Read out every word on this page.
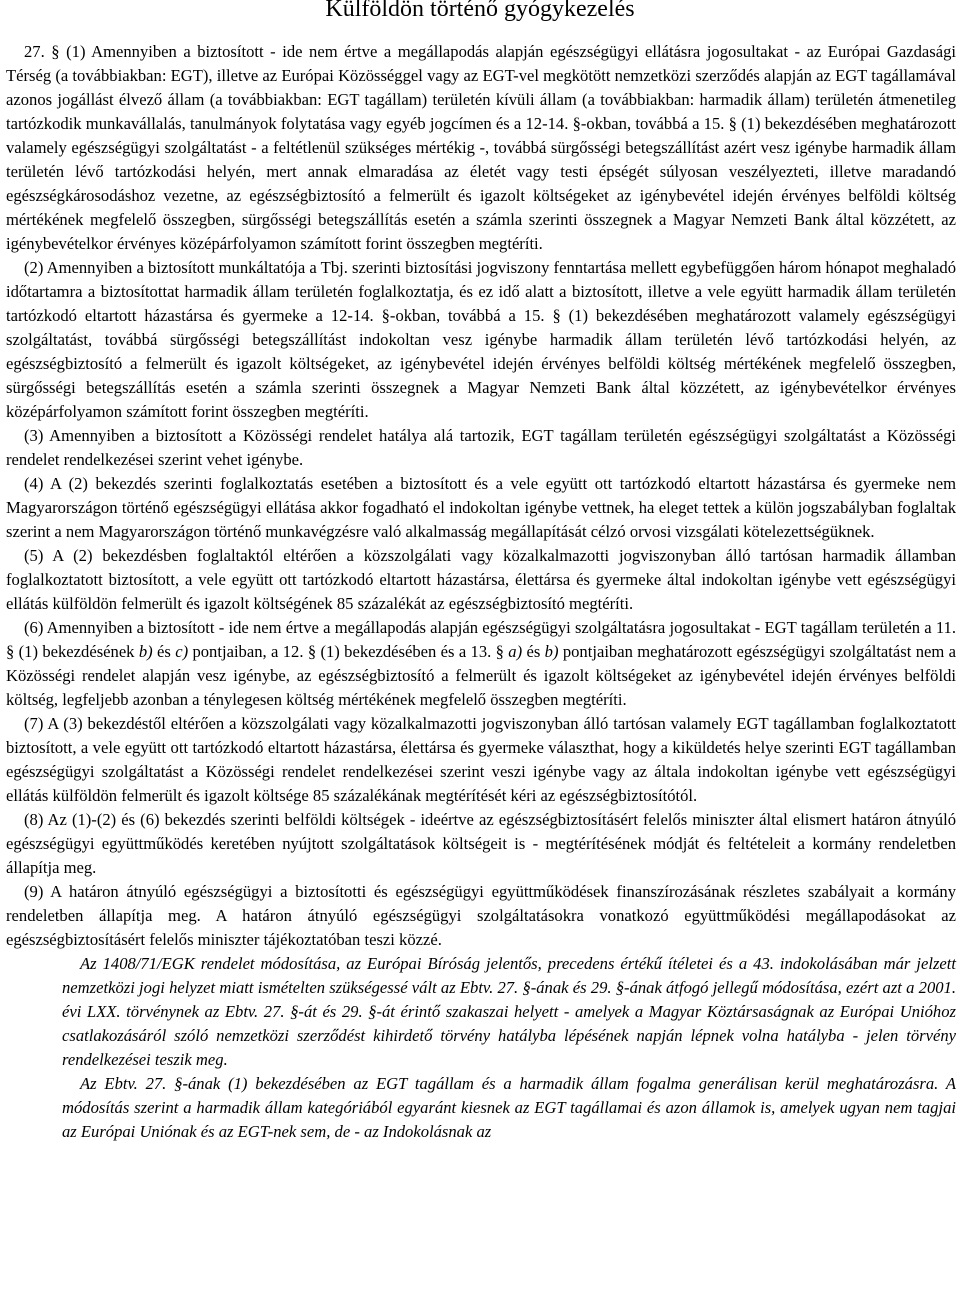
Külföldön történő gyógykezelés

27. § (1) Amennyiben a biztosított - ide nem értve a megállapodás alapján egészségügyi ellátásra jogosultakat - az Európai Gazdasági Térség (a továbbiakban: EGT), illetve az Európai Közösséggel vagy az EGT-vel megkötött nemzetközi szerződés alapján az EGT tagállamával azonos jogállást élvező állam (a továbbiakban: EGT tagállam) területén kívüli állam (a továbbiakban: harmadik állam) területén átmenetileg tartózkodik munkavállalás, tanulmányok folytatása vagy egyéb jogcímen és a 12-14. §-okban, továbbá a 15. § (1) bekezdésében meghatározott valamely egészségügyi szolgáltatást - a feltétlenül szükséges mértékig -, továbbá sürgősségi betegszállítást azért vesz igénybe harmadik állam területén lévő tartózkodási helyén, mert annak elmaradása az életét vagy testi épségét súlyosan veszélyezteti, illetve maradandó egészségkárosodáshoz vezetne, az egészségbiztosító a felmerült és igazolt költségeket az igénybevétel idején érvényes belföldi költség mértékének megfelelő összegben, sürgősségi betegszállítás esetén a számla szerinti összegnek a Magyar Nemzeti Bank által közzétett, az igénybevételkor érvényes középárfolyamon számított forint összegben megtéríti.

(2) Amennyiben a biztosított munkáltatója a Tbj. szerinti biztosítási jogviszony fenntartása mellett egybefüggően három hónapot meghaladó időtartamra a biztosítottat harmadik állam területén foglalkoztatja, és ez idő alatt a biztosított, illetve a vele együtt harmadik állam területén tartózkodó eltartott házastársa és gyermeke a 12-14. §-okban, továbbá a 15. § (1) bekezdésében meghatározott valamely egészségügyi szolgáltatást, továbbá sürgősségi betegszállítást indokoltan vesz igénybe harmadik állam területén lévő tartózkodási helyén, az egészségbiztosító a felmerült és igazolt költségeket, az igénybevétel idején érvényes belföldi költség mértékének megfelelő összegben, sürgősségi betegszállítás esetén a számla szerinti összegnek a Magyar Nemzeti Bank által közzétett, az igénybevételkor érvényes középárfolyamon számított forint összegben megtéríti.

(3) Amennyiben a biztosított a Közösségi rendelet hatálya alá tartozik, EGT tagállam területén egészségügyi szolgáltatást a Közösségi rendelet rendelkezései szerint vehet igénybe.

(4) A (2) bekezdés szerinti foglalkoztatás esetében a biztosított és a vele együtt ott tartózkodó eltartott házastársa és gyermeke nem Magyarországon történő egészségügyi ellátása akkor fogadható el indokoltan igénybe vettnek, ha eleget tettek a külön jogszabályban foglaltak szerint a nem Magyarországon történő munkavégzésre való alkalmasság megállapítását célzó orvosi vizsgálati kötelezettségüknek.

(5) A (2) bekezdésben foglaltaktól eltérően a közszolgálati vagy közalkalmazotti jogviszonyban álló tartósan harmadik államban foglalkoztatott biztosított, a vele együtt ott tartózkodó eltartott házastársa, élettársa és gyermeke által indokoltan igénybe vett egészségügyi ellátás külföldön felmerült és igazolt költségének 85 százalékát az egészségbiztosító megtéríti.

(6) Amennyiben a biztosított - ide nem értve a megállapodás alapján egészségügyi szolgáltatásra jogosultakat - EGT tagállam területén a 11. § (1) bekezdésének b) és c) pontjaiban, a 12. § (1) bekezdésében és a 13. § a) és b) pontjaiban meghatározott egészségügyi szolgáltatást nem a Közösségi rendelet alapján vesz igénybe, az egészségbiztosító a felmerült és igazolt költségeket az igénybevétel idején érvényes belföldi költség, legfeljebb azonban a ténylegesen költség mértékének megfelelő összegben megtéríti.

(7) A (3) bekezdéstől eltérően a közszolgálati vagy közalkalmazotti jogviszonyban álló tartósan valamely EGT tagállamban foglalkoztatott biztosított, a vele együtt ott tartózkodó eltartott házastársa, élettársa és gyermeke választhat, hogy a kiküldetés helye szerinti EGT tagállamban egészségügyi szolgáltatást a Közösségi rendelet rendelkezései szerint veszi igénybe vagy az általa indokoltan igénybe vett egészségügyi ellátás külföldön felmerült és igazolt költsége 85 százalékának megtérítését kéri az egészségbiztosítótól.

(8) Az (1)-(2) és (6) bekezdés szerinti belföldi költségek - ideértve az egészségbiztosításért felelős miniszter által elismert határon átnyúló egészségügyi együttműködés keretében nyújtott szolgáltatások költségeit is - megtérítésének módját és feltételeit a kormány rendeletben állapítja meg.

(9) A határon átnyúló egészségügyi a biztosítotti és egészségügyi együttműködések finanszírozásának részletes szabályait a kormány rendeletben állapítja meg. A határon átnyúló egészségügyi szolgáltatásokra vonatkozó együttműködési megállapodásokat az egészségbiztosításért felelős miniszter tájékoztatóban teszi közzé.

Az 1408/71/EGK rendelet módosítása, az Európai Bíróság jelentős, precedens értékű ítéletei és a 43. indokolásában már jelzett nemzetközi jogi helyzet miatt ismételten szükségessé vált az Ebtv. 27. §-ának és 29. §-ának átfogó jellegű módosítása, ezért azt a 2001. évi LXX. törvénynek az Ebtv. 27. §-át és 29. §-át érintő szakaszai helyett - amelyek a Magyar Köztársaságnak az Európai Unióhoz csatlakozásáról szóló nemzetközi szerződést kihirdető törvény hatályba lépésének napján lépnek volna hatályba - jelen törvény rendelkezései teszik meg.

Az Ebtv. 27. §-ának (1) bekezdésében az EGT tagállam és a harmadik állam fogalma generálisan kerül meghatározásra. A módosítás szerint a harmadik állam kategóriából egyaránt kiesnek az EGT tagállamai és azon államok is, amelyek ugyan nem tagjai az Európai Uniónak és az EGT-nek sem, de - az Indokolásnak az
